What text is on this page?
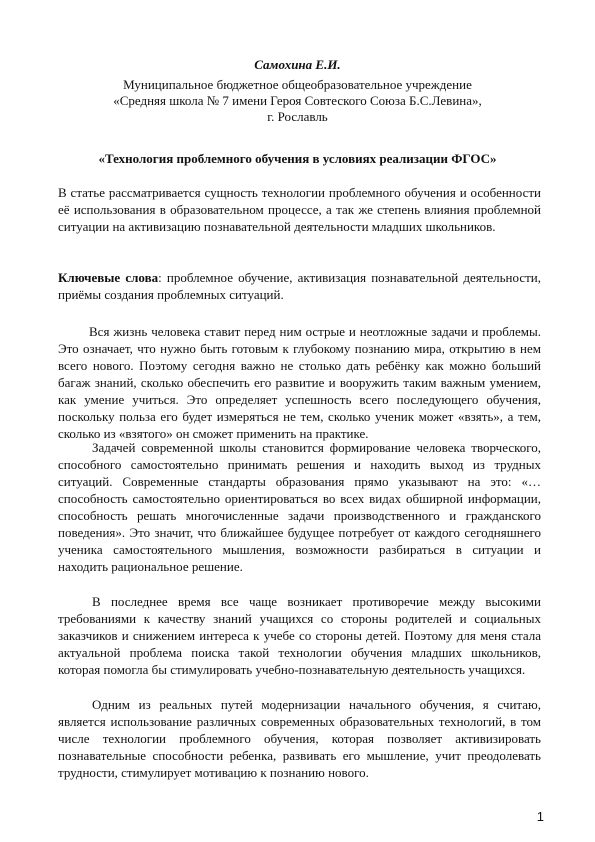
Самохина Е.И.
Муниципальное бюджетное общеобразовательное учреждение
«Средняя школа № 7 имени Героя Совтеского Союза Б.С.Левина»,
г. Рославль
«Технология проблемного обучения в условиях реализации ФГОС»
В статье рассматривается сущность технологии проблемного обучения и особенности её использования в образовательном процессе, а так же степень влияния проблемной ситуации на активизацию познавательной деятельности младших школьников.
Ключевые слова: проблемное обучение, активизация познавательной деятельности, приёмы создания проблемных ситуаций.
Вся жизнь человека ставит перед ним острые и неотложные задачи и проблемы. Это означает, что нужно быть готовым к глубокому познанию мира, открытию в нем всего нового. Поэтому сегодня важно не столько дать ребёнку как можно больший багаж знаний, сколько обеспечить его развитие и вооружить таким важным умением, как умение учиться. Это определяет успешность всего последующего обучения, поскольку польза его будет измеряться не тем, сколько ученик может «взять», а тем, сколько из «взятого» он сможет применить на практике.
Задачей современной школы становится формирование человека творческого, способного самостоятельно принимать решения и находить выход из трудных ситуаций. Современные стандарты образования прямо указывают на это: «…способность самостоятельно ориентироваться во всех видах обширной информации, способность решать многочисленные задачи производственного и гражданского поведения». Это значит, что ближайшее будущее потребует от каждого сегодняшнего ученика самостоятельного мышления, возможности разбираться в ситуации и находить рациональное решение.
В последнее время все чаще возникает противоречие между высокими требованиями к качеству знаний учащихся со стороны родителей и социальных заказчиков и снижением интереса к учебе со стороны детей. Поэтому для меня стала актуальной проблема поиска такой технологии обучения младших школьников, которая помогла бы стимулировать учебно-познавательную деятельность учащихся.
Одним из реальных путей модернизации начального обучения, я считаю, является использование различных современных образовательных технологий, в том числе технологии проблемного обучения, которая позволяет активизировать познавательные способности ребенка, развивать его мышление, учит преодолевать трудности, стимулирует мотивацию к познанию нового.
1
